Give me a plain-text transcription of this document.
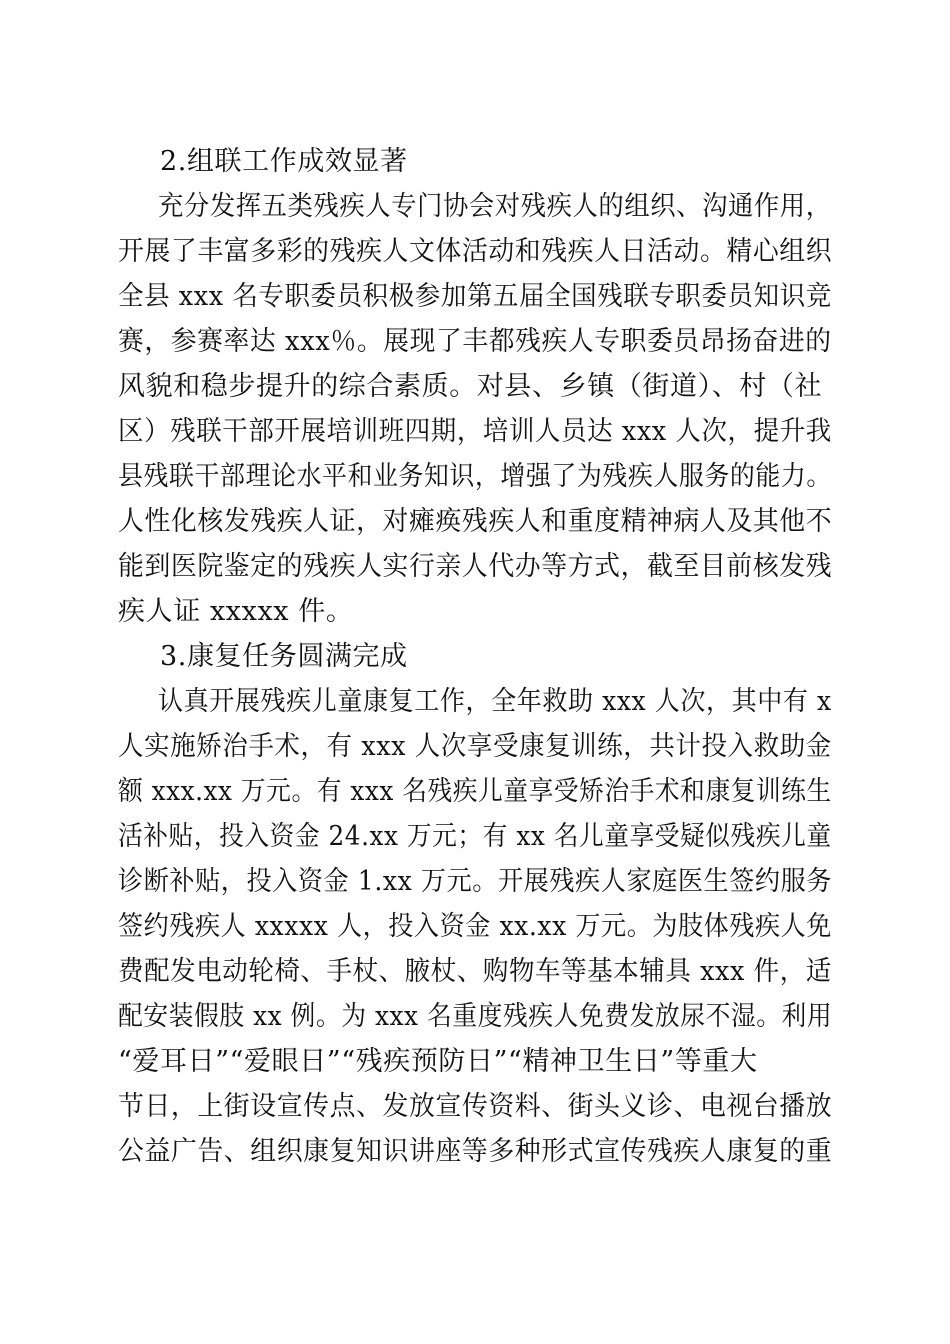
2.组联工作成效显著
充分发挥五类残疾人专门协会对残疾人的组织、沟通作用，
开展了丰富多彩的残疾人文体活动和残疾人日活动。精心组织
全县 xxx 名专职委员积极参加第五届全国残联专职委员知识竞
赛，参赛率达 xxx％。展现了丰都残疾人专职委员昂扬奋进的
风貌和稳步提升的综合素质。对县、乡镇（街道）、村（社
区）残联干部开展培训班四期，培训人员达 xxx 人次，提升我
县残联干部理论水平和业务知识，增强了为残疾人服务的能力。
人性化核发残疾人证，对瘫痪残疾人和重度精神病人及其他不
能到医院鉴定的残疾人实行亲人代办等方式，截至目前核发残
疾人证 xxxxx 件。
3.康复任务圆满完成
认真开展残疾儿童康复工作，全年救助 xxx 人次，其中有 x
人实施矫治手术，有 xxx 人次享受康复训练，共计投入救助金
额 xxx.xx 万元。有 xxx 名残疾儿童享受矫治手术和康复训练生
活补贴，投入资金 24.xx 万元；有 xx 名儿童享受疑似残疾儿童
诊断补贴，投入资金 1.xx 万元。开展残疾人家庭医生签约服务
签约残疾人 xxxxx 人，投入资金 xx.xx 万元。为肢体残疾人免
费配发电动轮椅、手杖、腋杖、购物车等基本辅具 xxx 件，适
配安装假肢 xx 例。为 xxx 名重度残疾人免费发放尿不湿。利用
“爱耳日”“爱眼日”“残疾预防日”“精神卫生日”等重大
节日，上街设宣传点、发放宣传资料、街头义诊、电视台播放
公益广告、组织康复知识讲座等多种形式宣传残疾人康复的重
